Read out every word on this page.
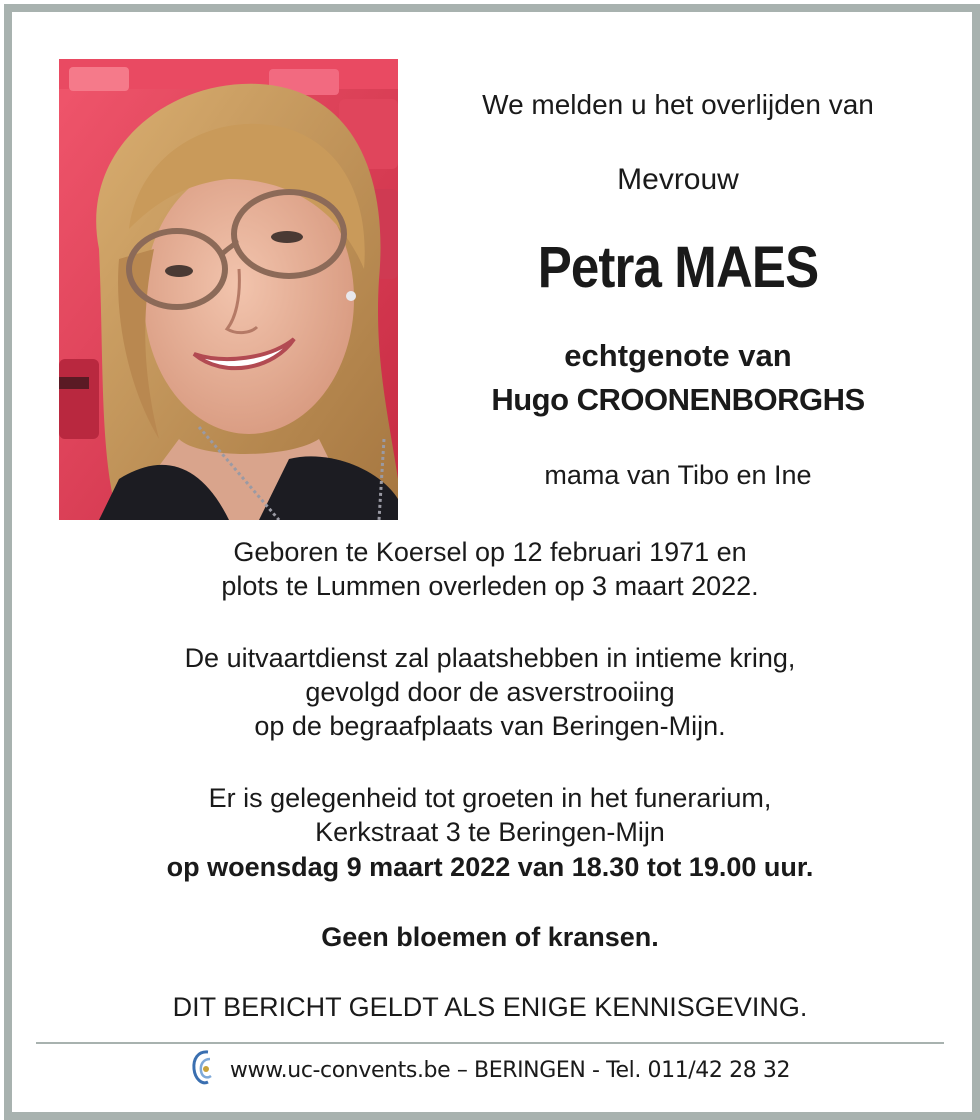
We melden u het overlijden van
Mevrouw
Petra MAES
echtgenote van
Hugo CROONENBORGHS
mama van Tibo en Ine
Geboren te Koersel op 12 februari 1971 en
plots te Lummen overleden op 3 maart 2022.
De uitvaartdienst zal plaatshebben in intieme kring,
gevolgd door de asverstrooiing
op de begraafplaats van Beringen-Mijn.
Er is gelegenheid tot groeten in het funerarium,
Kerkstraat 3 te Beringen-Mijn
op woensdag 9 maart 2022 van 18.30 tot 19.00 uur.
Geen bloemen of kransen.
DIT BERICHT GELDT ALS ENIGE KENNISGEVING.
www.uc-convents.be – BERINGEN - Tel. 011/42 28 32
